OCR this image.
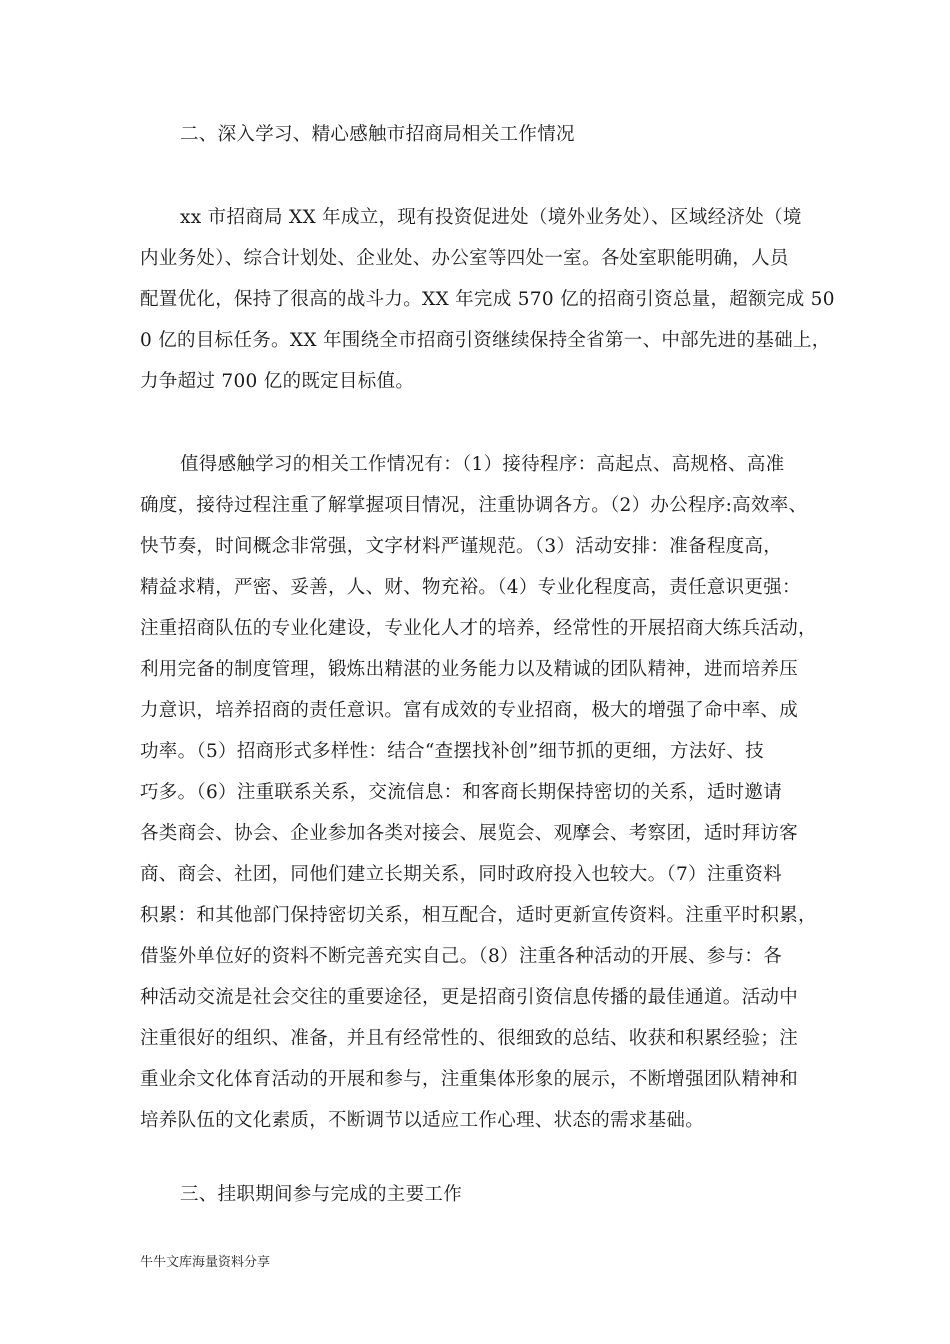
二、深入学习、精心感触市招商局相关工作情况
xx 市招商局 XX 年成立，现有投资促进处（境外业务处）、区域经济处（境
内业务处）、综合计划处、企业处、办公室等四处一室。各处室职能明确，人员
配置优化，保持了很高的战斗力。XX 年完成 570 亿的招商引资总量，超额完成 50
0 亿的目标任务。XX 年围绕全市招商引资继续保持全省第一、中部先进的基础上，
力争超过 700 亿的既定目标值。
值得感触学习的相关工作情况有：（1）接待程序：高起点、高规格、高准
确度，接待过程注重了解掌握项目情况，注重协调各方。（2）办公程序:高效率、
快节奏，时间概念非常强，文字材料严谨规范。（3）活动安排：准备程度高，
精益求精，严密、妥善，人、财、物充裕。（4）专业化程度高，责任意识更强：
注重招商队伍的专业化建设，专业化人才的培养，经常性的开展招商大练兵活动，
利用完备的制度管理，锻炼出精湛的业务能力以及精诚的团队精神，进而培养压
力意识，培养招商的责任意识。富有成效的专业招商，极大的增强了命中率、成
功率。（5）招商形式多样性：结合“查摆找补创”细节抓的更细，方法好、技
巧多。（6）注重联系关系，交流信息：和客商长期保持密切的关系，适时邀请
各类商会、协会、企业参加各类对接会、展览会、观摩会、考察团，适时拜访客
商、商会、社团，同他们建立长期关系，同时政府投入也较大。（7）注重资料
积累：和其他部门保持密切关系，相互配合，适时更新宣传资料。注重平时积累，
借鉴外单位好的资料不断完善充实自己。（8）注重各种活动的开展、参与：各
种活动交流是社会交往的重要途径，更是招商引资信息传播的最佳通道。活动中
注重很好的组织、准备，并且有经常性的、很细致的总结、收获和积累经验；注
重业余文化体育活动的开展和参与，注重集体形象的展示，不断增强团队精神和
培养队伍的文化素质，不断调节以适应工作心理、状态的需求基础。
三、挂职期间参与完成的主要工作
牛牛文库海量资料分享
